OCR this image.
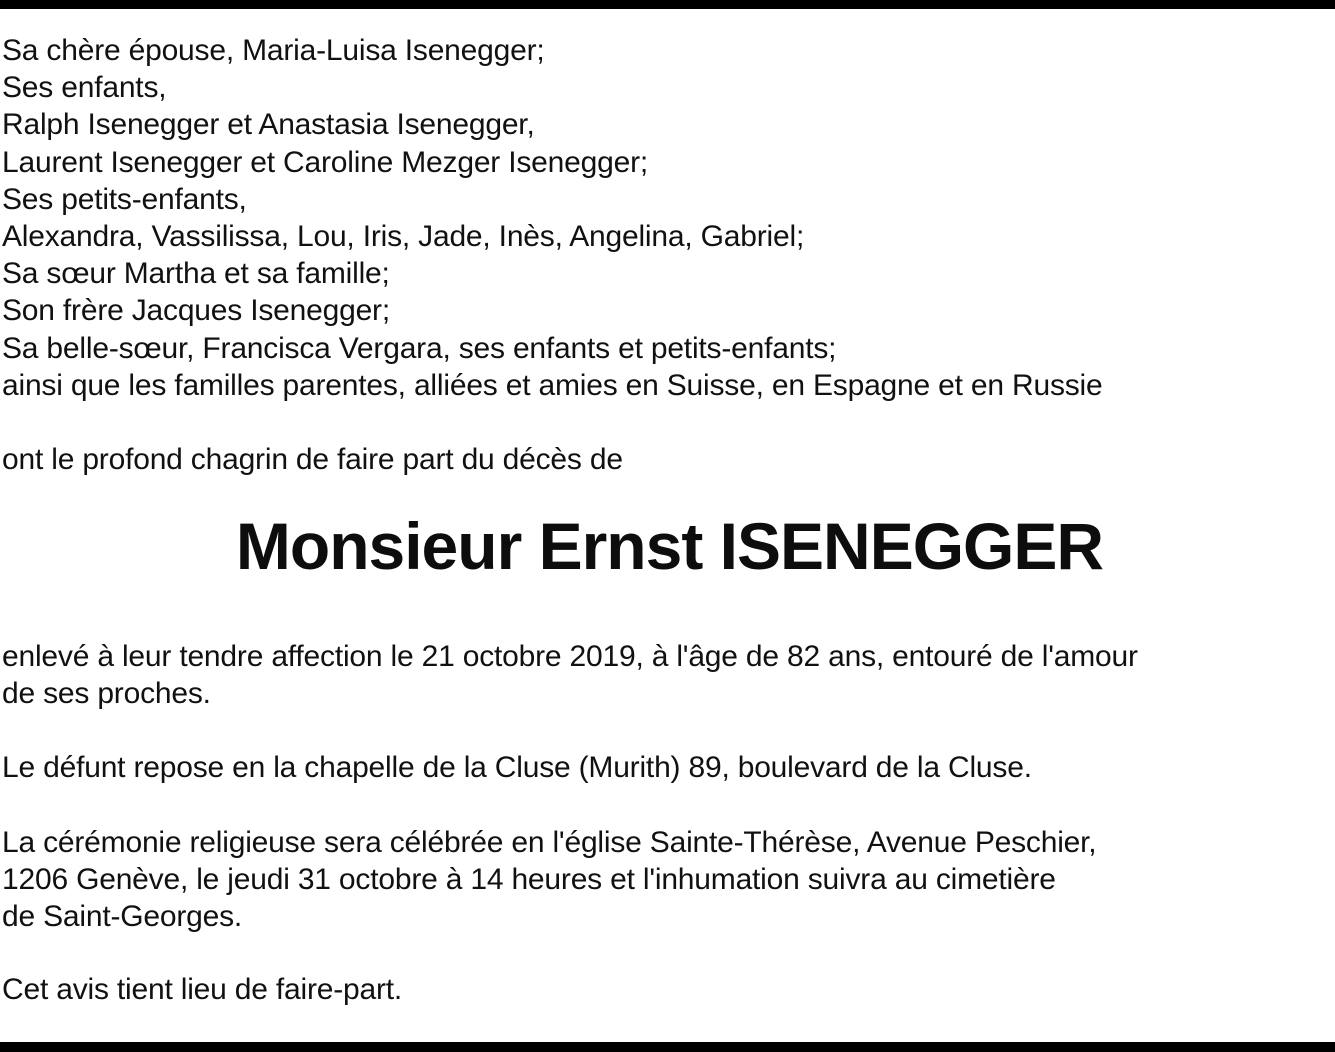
Sa chère épouse, Maria-Luisa Isenegger;
Ses enfants,
Ralph Isenegger et Anastasia Isenegger,
Laurent Isenegger et Caroline Mezger Isenegger;
Ses petits-enfants,
Alexandra, Vassilissa, Lou, Iris, Jade, Inès, Angelina, Gabriel;
Sa sœur Martha et sa famille;
Son frère Jacques Isenegger;
Sa belle-sœur, Francisca Vergara, ses enfants et petits-enfants;
ainsi que les familles parentes, alliées et amies en Suisse, en Espagne et en Russie
ont le profond chagrin de faire part du décès de
Monsieur Ernst ISENEGGER
enlevé à leur tendre affection le 21 octobre 2019, à l'âge de 82 ans, entouré de l'amour
de ses proches.
Le défunt repose en la chapelle de la Cluse (Murith) 89, boulevard de la Cluse.
La cérémonie religieuse sera célébrée en l'église Sainte-Thérèse, Avenue Peschier,
1206 Genève, le jeudi 31 octobre à 14 heures et l'inhumation suivra au cimetière
de Saint-Georges.
Cet avis tient lieu de faire-part.
